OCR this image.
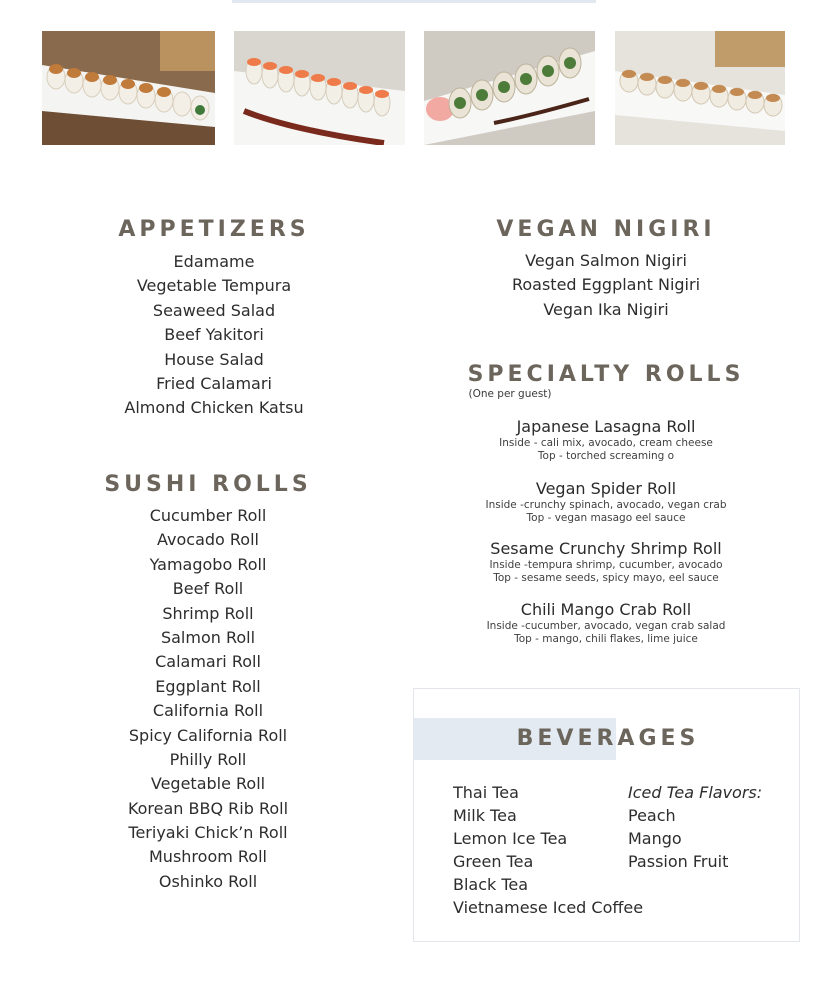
APPETIZERS
Edamame
Vegetable Tempura
Seaweed Salad
Beef Yakitori
House Salad
Fried Calamari
Almond Chicken Katsu
SUSHI ROLLS
Cucumber Roll
Avocado Roll
Yamagobo Roll
Beef Roll
Shrimp Roll
Salmon Roll
Calamari Roll
Eggplant Roll
California Roll
Spicy California Roll
Philly Roll
Vegetable Roll
Korean BBQ Rib Roll
Teriyaki Chick’n Roll
Mushroom Roll
Oshinko Roll
VEGAN NIGIRI
Vegan Salmon Nigiri
Roasted Eggplant Nigiri
Vegan Ika Nigiri
SPECIALTY ROLLS
(One per guest)
Japanese Lasagna Roll
Inside - cali mix, avocado, cream cheese
Top - torched screaming o
Vegan Spider Roll
Inside -crunchy spinach, avocado, vegan crab
Top - vegan masago eel sauce
Sesame Crunchy Shrimp Roll
Inside -tempura shrimp, cucumber, avocado
Top - sesame seeds, spicy mayo, eel sauce
Chili Mango Crab Roll
Inside -cucumber, avocado, vegan crab salad
Top - mango, chili flakes, lime juice
BEVERAGES
Thai Tea
Milk Tea
Lemon Ice Tea
Green Tea
Black Tea
Vietnamese Iced Coffee
Iced Tea Flavors:
Peach
Mango
Passion Fruit
